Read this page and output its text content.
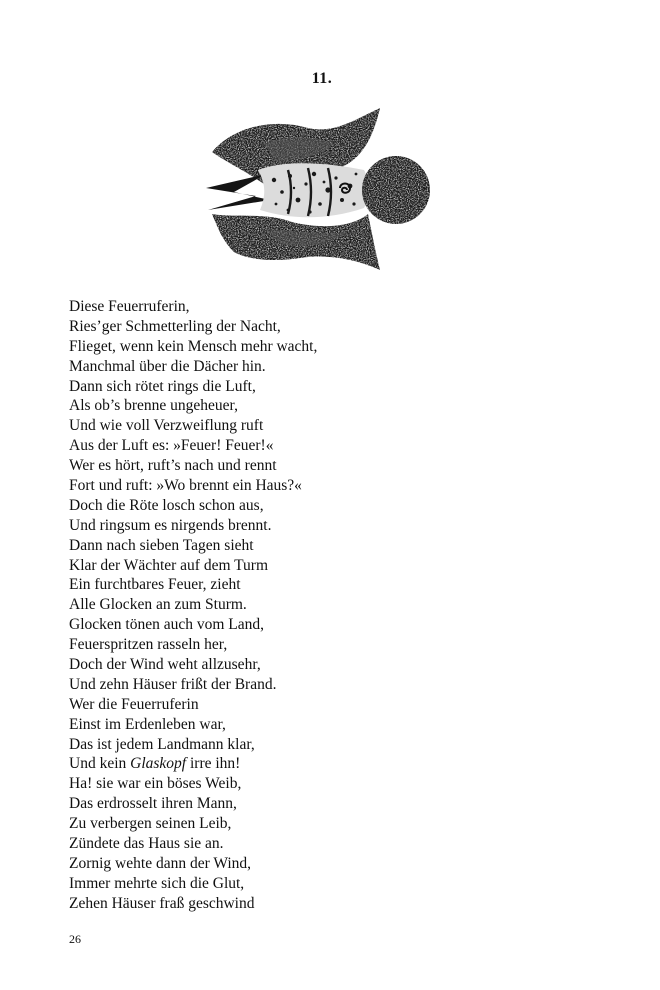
11.
Diese Feuerruferin,
Ries’ger Schmetterling der Nacht,
Flieget, wenn kein Mensch mehr wacht,
Manchmal über die Dächer hin.
Dann sich rötet rings die Luft,
Als ob’s brenne ungeheuer,
Und wie voll Verzweiflung ruft
Aus der Luft es: »Feuer! Feuer!«
Wer es hört, ruft’s nach und rennt
Fort und ruft: »Wo brennt ein Haus?«
Doch die Röte losch schon aus,
Und ringsum es nirgends brennt.
Dann nach sieben Tagen sieht
Klar der Wächter auf dem Turm
Ein furchtbares Feuer, zieht
Alle Glocken an zum Sturm.
Glocken tönen auch vom Land,
Feuerspritzen rasseln her,
Doch der Wind weht allzusehr,
Und zehn Häuser frißt der Brand.
Wer die Feuerruferin
Einst im Erdenleben war,
Das ist jedem Landmann klar,
Und kein Glaskopf irre ihn!
Ha! sie war ein böses Weib,
Das erdrosselt ihren Mann,
Zu verbergen seinen Leib,
Zündete das Haus sie an.
Zornig wehte dann der Wind,
Immer mehrte sich die Glut,
Zehen Häuser fraß geschwind
26
